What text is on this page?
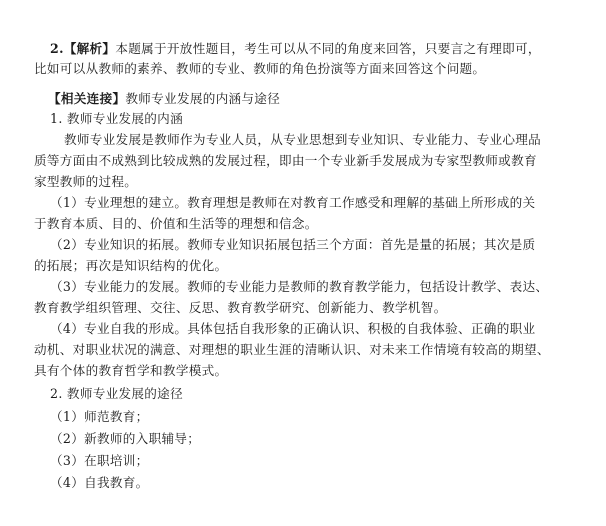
2.【解析】本题属于开放性题目，考生可以从不同的角度来回答，只要言之有理即可，
比如可以从教师的素养、教师的专业、教师的角色扮演等方面来回答这个问题。
【相关连接】教师专业发展的内涵与途径
1. 教师专业发展的内涵
教师专业发展是教师作为专业人员，从专业思想到专业知识、专业能力、专业心理品
质等方面由不成熟到比较成熟的发展过程，即由一个专业新手发展成为专家型教师或教育
家型教师的过程。
（1）专业理想的建立。教育理想是教师在对教育工作感受和理解的基础上所形成的关
于教育本质、目的、价值和生活等的理想和信念。
（2）专业知识的拓展。教师专业知识拓展包括三个方面：首先是量的拓展；其次是质
的拓展；再次是知识结构的优化。
（3）专业能力的发展。教师的专业能力是教师的教育教学能力，包括设计教学、表达、
教育教学组织管理、交往、反思、教育教学研究、创新能力、教学机智。
（4）专业自我的形成。具体包括自我形象的正确认识、积极的自我体验、正确的职业
动机、对职业状况的满意、对理想的职业生涯的清晰认识、对未来工作情境有较高的期望、
具有个体的教育哲学和教学模式。
2. 教师专业发展的途径
（1）师范教育；
（2）新教师的入职辅导；
（3）在职培训；
（4）自我教育。
